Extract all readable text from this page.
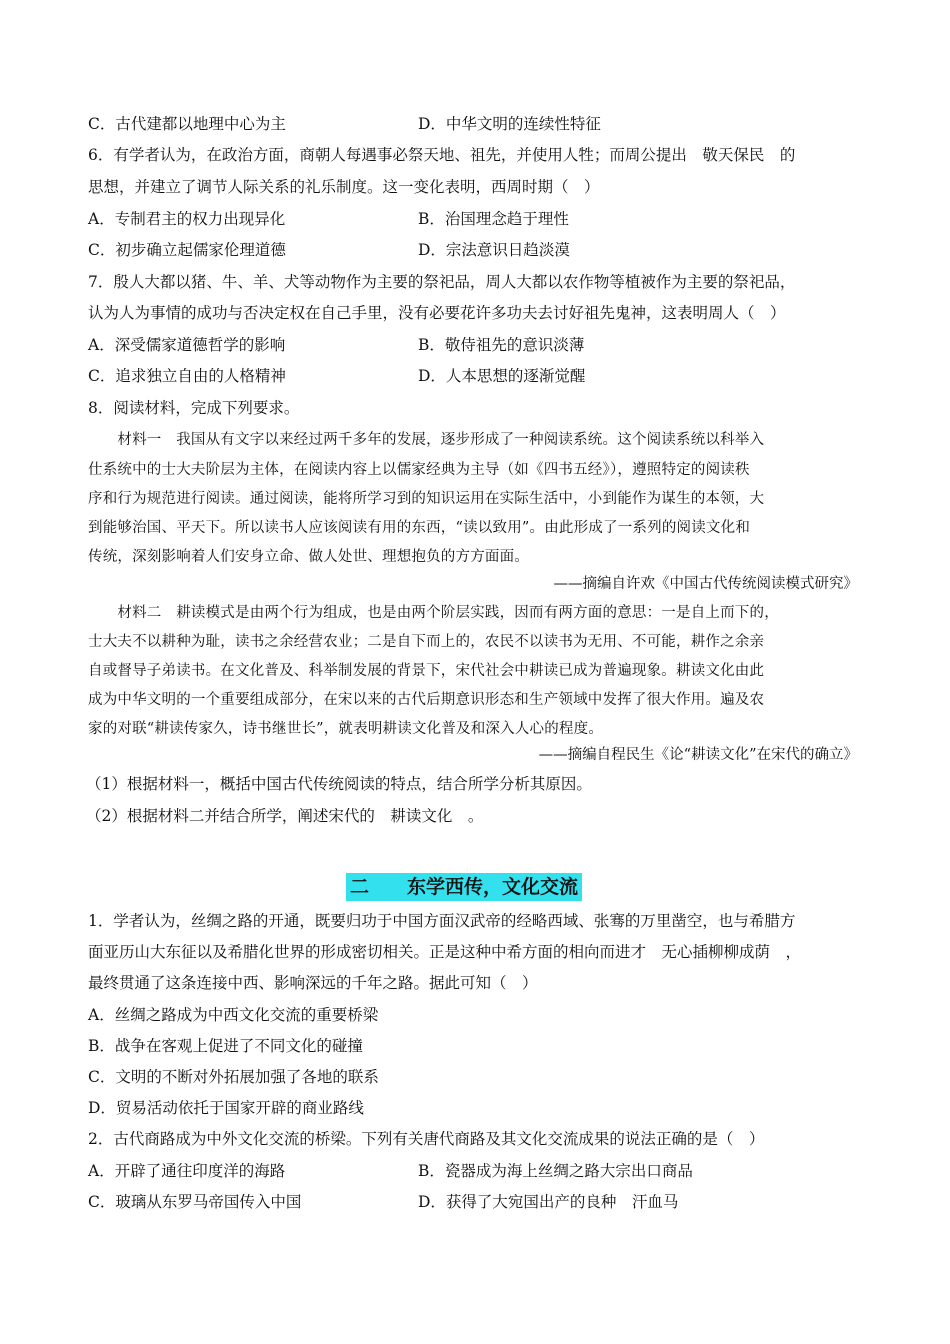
C．古代建都以地理中心为主	D．中华文明的连续性特征
6．有学者认为，在政治方面，商朝人每遇事必祭天地、祖先，并使用人牲；而周公提出　敬天保民　的
思想，并建立了调节人际关系的礼乐制度。这一变化表明，西周时期（　）
A．专制君主的权力出现异化	B．治国理念趋于理性
C．初步确立起儒家伦理道德	D．宗法意识日趋淡漠
7．殷人大都以猪、牛、羊、犬等动物作为主要的祭祀品，周人大都以农作物等植被作为主要的祭祀品，
认为人为事情的成功与否决定权在自己手里，没有必要花许多功夫去讨好祖先鬼神，这表明周人（　）
A．深受儒家道德哲学的影响	B．敬侍祖先的意识淡薄
C．追求独立自由的人格精神	D．人本思想的逐渐觉醒
8．阅读材料，完成下列要求。
　　材料一　我国从有文字以来经过两千多年的发展，逐步形成了一种阅读系统。这个阅读系统以科举入
仕系统中的士大夫阶层为主体，在阅读内容上以儒家经典为主导（如《四书五经》），遵照特定的阅读秩
序和行为规范进行阅读。通过阅读，能将所学习到的知识运用在实际生活中，小到能作为谋生的本领，大
到能够治国、平天下。所以读书人应该阅读有用的东西，“读以致用”。由此形成了一系列的阅读文化和
传统，深刻影响着人们安身立命、做人处世、理想抱负的方方面面。
——摘编自许欢《中国古代传统阅读模式研究》
　　材料二　耕读模式是由两个行为组成，也是由两个阶层实践，因而有两方面的意思：一是自上而下的，
士大夫不以耕种为耻，读书之余经营农业；二是自下而上的，农民不以读书为无用、不可能，耕作之余亲
自或督导子弟读书。在文化普及、科举制发展的背景下，宋代社会中耕读已成为普遍现象。耕读文化由此
成为中华文明的一个重要组成部分，在宋以来的古代后期意识形态和生产领域中发挥了很大作用。遍及农
家的对联“耕读传家久，诗书继世长”，就表明耕读文化普及和深入人心的程度。
——摘编自程民生《论“耕读文化”在宋代的确立》
（1）根据材料一，概括中国古代传统阅读的特点，结合所学分析其原因。
（2）根据材料二并结合所学，阐述宋代的　耕读文化　。
二　　东学西传，文化交流
1．学者认为，丝绸之路的开通，既要归功于中国方面汉武帝的经略西域、张骞的万里凿空，也与希腊方
面亚历山大东征以及希腊化世界的形成密切相关。正是这种中希方面的相向而进才　无心插柳柳成荫　，
最终贯通了这条连接中西、影响深远的千年之路。据此可知（　）
A．丝绸之路成为中西文化交流的重要桥梁
B．战争在客观上促进了不同文化的碰撞
C．文明的不断对外拓展加强了各地的联系
D．贸易活动依托于国家开辟的商业路线
2．古代商路成为中外文化交流的桥梁。下列有关唐代商路及其文化交流成果的说法正确的是（　）
A．开辟了通往印度洋的海路	B．瓷器成为海上丝绸之路大宗出口商品
C．玻璃从东罗马帝国传入中国	D．获得了大宛国出产的良种　汗血马
